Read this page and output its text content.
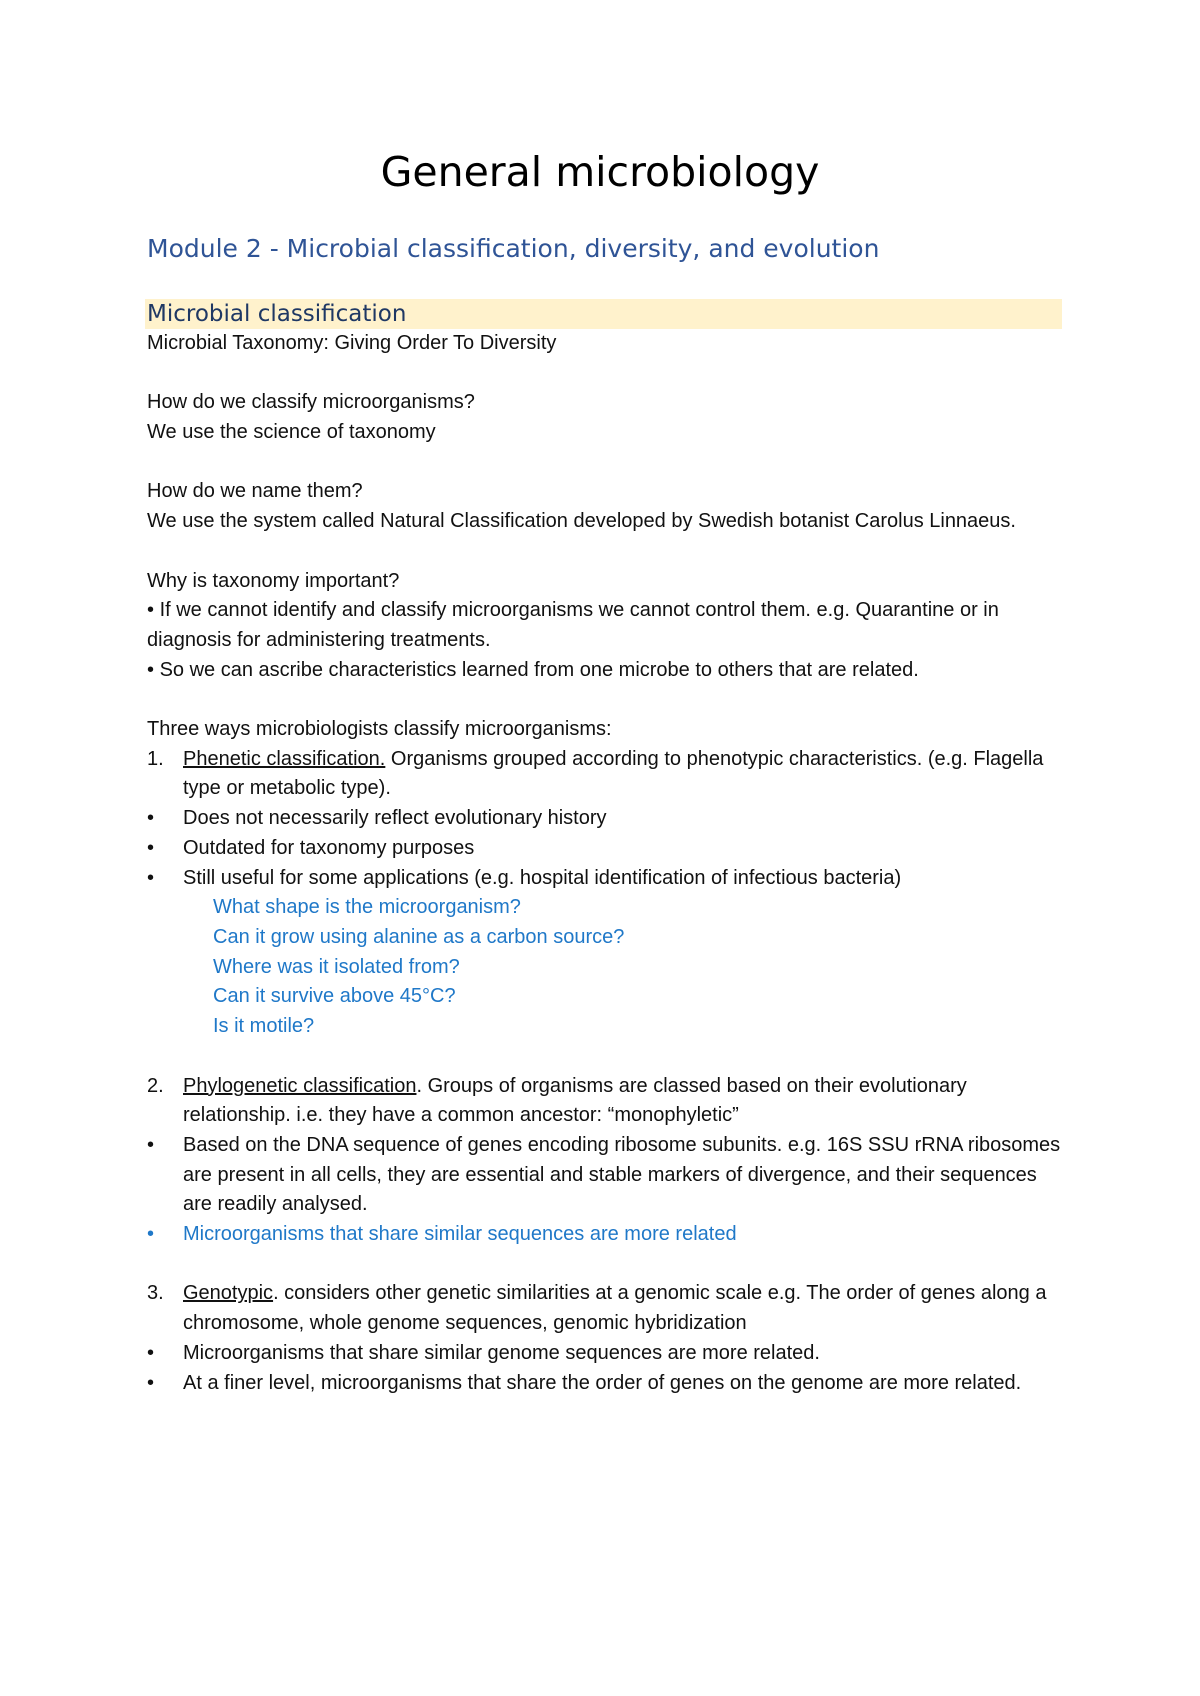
General microbiology
Module 2 - Microbial classification, diversity, and evolution
Microbial classification

Microbial Taxonomy: Giving Order To Diversity

How do we classify microorganisms?

We use the science of taxonomy

How do we name them?

We use the system called Natural Classification developed by Swedish botanist Carolus Linnaeus.

Why is taxonomy important?

• If we cannot identify and classify microorganisms we cannot control them. e.g. Quarantine or in diagnosis for administering treatments.

• So we can ascribe characteristics learned from one microbe to others that are related.

Three ways microbiologists classify microorganisms:

1. Phenetic classification. Organisms grouped according to phenotypic characteristics. (e.g. Flagella type or metabolic type).
• Does not necessarily reflect evolutionary history
• Outdated for taxonomy purposes
• Still useful for some applications (e.g. hospital identification of infectious bacteria)

What shape is the microorganism?

Can it grow using alanine as a carbon source?

Where was it isolated from?

Can it survive above 45°C?

Is it motile?

2. Phylogenetic classification. Groups of organisms are classed based on their evolutionary relationship. i.e. they have a common ancestor: “monophyletic”
• Based on the DNA sequence of genes encoding ribosome subunits. e.g. 16S SSU rRNA ribosomes are present in all cells, they are essential and stable markers of divergence, and their sequences are readily analysed.
• Microorganisms that share similar sequences are more related
3. Genotypic. considers other genetic similarities at a genomic scale e.g. The order of genes along a chromosome, whole genome sequences, genomic hybridization
• Microorganisms that share similar genome sequences are more related.
• At a finer level, microorganisms that share the order of genes on the genome are more related.
